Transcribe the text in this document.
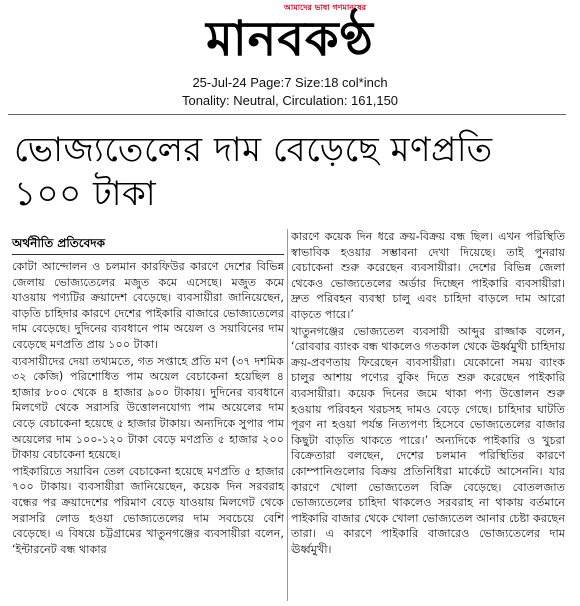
আমাদের ভাষা গণমানুষের
মানবকণ্ঠ
25-Jul-24 Page:7 Size:18 col*inch
Tonality: Neutral, Circulation: 161,150
ভোজ্যতেলের দাম বেড়েছে মণপ্রতি ১০০ টাকা
অর্থনীতি প্রতিবেদক

কোটা আন্দোলন ও চলমান কারফিউর কারণে দেশের বিভিন্ন জেলায় ভোজ্যতেলের মজুত কমে এসেছে। মজুত কমে যাওয়ায় পণ্যটির ক্রয়াদেশ বেড়েছে। ব্যবসায়ীরা জানিয়েছেন, বাড়তি চাহিদার কারণে দেশের পাইকারি বাজারে ভোজ্যতেলের দাম বেড়েছে। দুদিনের ব্যবধানে পাম অয়েল ও সয়াবিনের দাম বেড়েছে মণপ্রতি প্রায় ১০০ টাকা।

ব্যবসায়ীদের দেয়া তথ্যমতে, গত সপ্তাহে প্রতি মণ (৩৭ দশমিক ৩২ কেজি) পরিশোধিত পাম অয়েল বেচাকেনা হয়েছিল ৪ হাজার ৮০০ থেকে ৪ হাজার ৯০০ টাকায়। দুদিনের ব্যবধানে মিলগেট থেকে সরাসরি উত্তোলনযোগ্য পাম অয়েলের দাম বেড়ে বেচাকেনা হয়েছে ৫ হাজার টাকায়। অন্যদিকে সুপার পাম অয়েলের দাম ১০০-১২০ টাকা বেড়ে মণপ্রতি ৫ হাজার ২০০ টাকায় বেচাকেনা হয়েছে।

পাইকারিতে সয়াবিন তেল বেচাকেনা হয়েছে মণপ্রতি ৫ হাজার ৭০০ টাকায়। ব্যবসায়ীরা জানিয়েছেন, কয়েক দিন সরবরাহ বন্ধের পর ক্রয়াদেশের পরিমাণ বেড়ে যাওয়ায় মিলগেট থেকে সরাসরি লোড হওয়া ভোজ্যতেলের দাম সবচেয়ে বেশি বেড়েছে। এ বিষয়ে চট্টগ্রামের খাতুনগঞ্জের ব্যবসায়ীরা বলেন, ‘ইন্টারনেট বন্ধ থাকার

কারণে কয়েক দিন ধরে ক্রয়-বিক্রয় বন্ধ ছিল। এখন পরিস্থিতি স্বাভাবিক হওয়ার সম্ভাবনা দেখা দিয়েছে। তাই পুনরায় বেচাকেনা শুরু করেছেন ব্যবসায়ীরা। দেশের বিভিন্ন জেলা থেকেও ভোজ্যতেলের অর্ডার দিচ্ছেন পাইকারি ব্যবসায়ীরা। দ্রুত পরিবহন ব্যবস্থা চালু এবং চাহিদা বাড়লে দাম আরো বাড়তে পারে।’

খাতুনগঞ্জের ভোজ্যতেল ব্যবসায়ী আব্দুর রাজ্জাক বলেন, ‘রোববার ব্যাংক বন্ধ থাকলেও গতকাল থেকে ঊর্ধ্বমুখী চাহিদায় ক্রয়-প্রবণতায় ফিরেছেন ব্যবসায়ীরা। যেকোনো সময় ব্যাংক চালুর আশায় পণ্যের বুকিং দিতে শুরু করেছেন পাইকারি ব্যবসায়ীরা। কয়েক দিনের জমে থাকা পণ্য উত্তোলন শুরু হওয়ায় পরিবহন খরচসহ দামও বেড়ে গেছে। চাহিদার ঘাটতি পূরণ না হওয়া পর্যন্ত নিত্যপণ্য হিসেবে ভোজ্যতেলের বাজার কিছুটা বাড়তি থাকতে পারে।’ অন্যদিকে পাইকারি ও খুচরা বিক্রেতারা বলছেন, দেশের চলমান পরিস্থিতির কারণে কোম্পানিগুলোর বিক্রয় প্রতিনিধিরা মার্কেটে আসেননি। যার কারণে খোলা ভোজ্যতেল বিক্রি বেড়েছে। বোতলজাত ভোজ্যতেলের চাহিদা থাকলেও সরবরাহ না থাকায় বর্তমানে পাইকারি বাজার থেকে খোলা ভোজ্যতেল আনার চেষ্টা করছেন তারা। এ কারণে পাইকারি বাজারেও ভোজ্যতেলের দাম ঊর্ধ্বমুখী।
